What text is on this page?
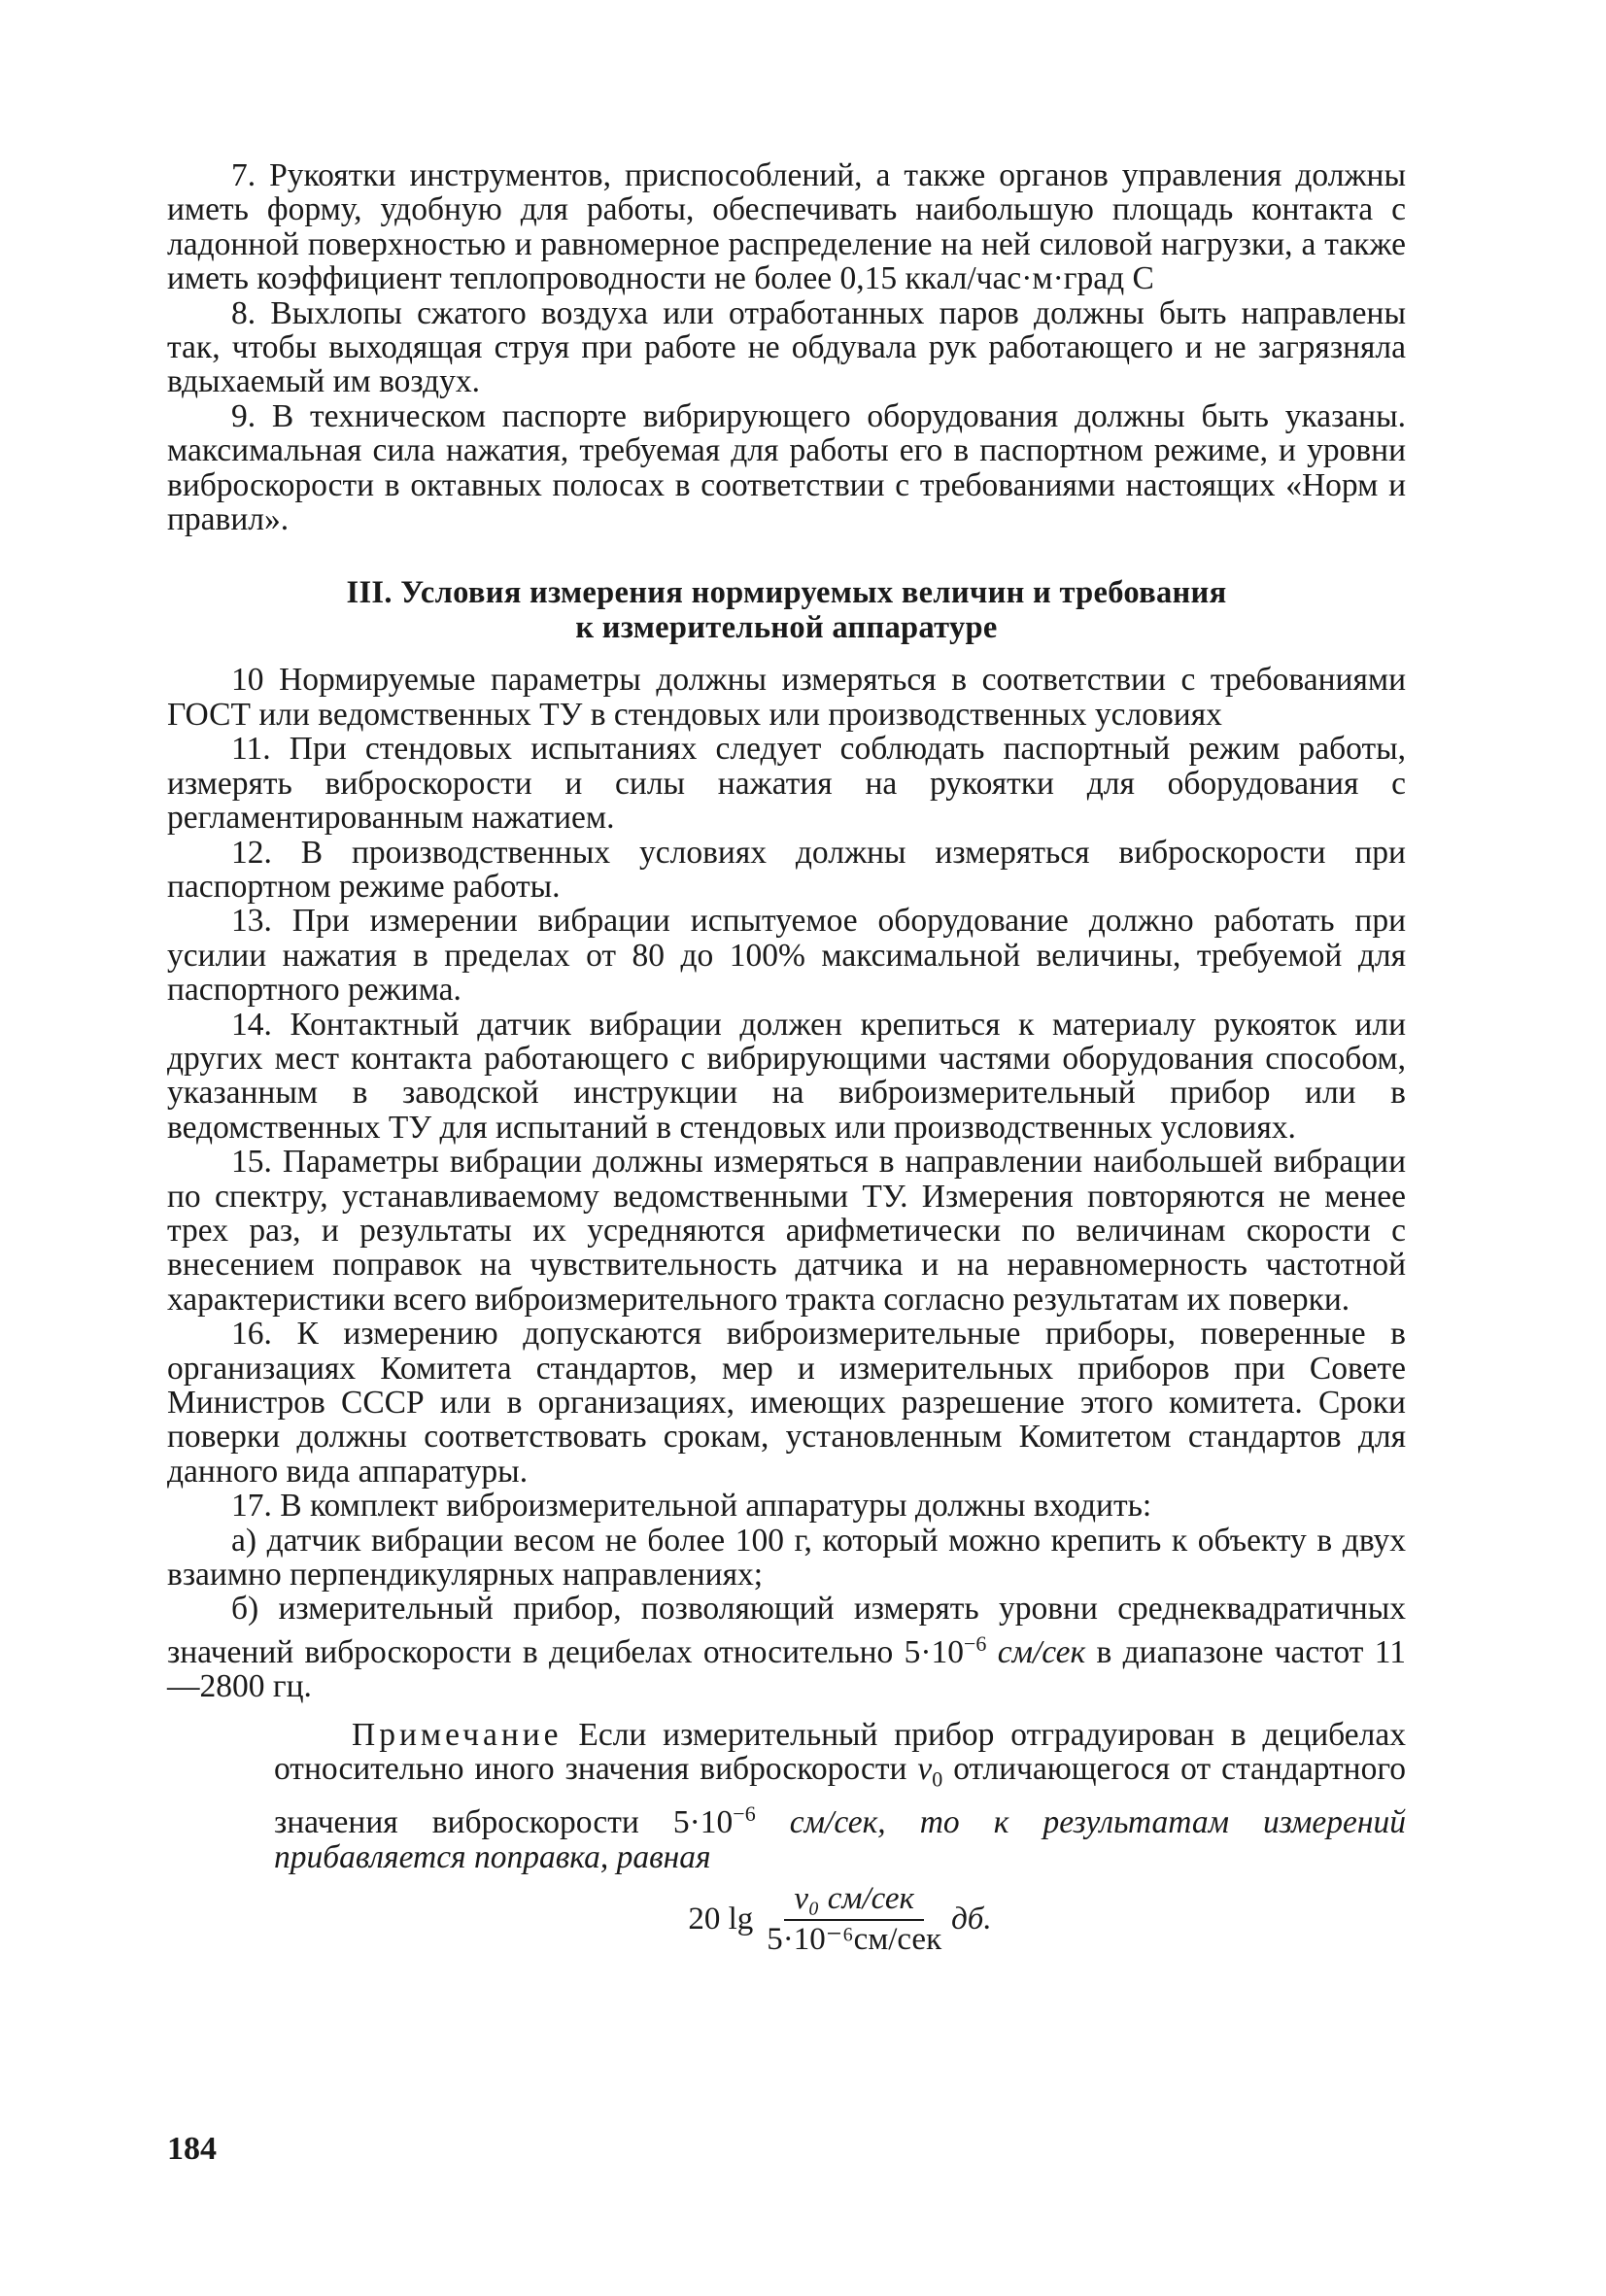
7. Рукоятки инструментов, приспособлений, а также органов управления должны иметь форму, удобную для работы, обеспечивать наибольшую площадь контакта с ладонной поверхностью и равномерное распределение на ней силовой нагрузки, а также иметь коэффициент теплопроводности не более 0,15 ккал/час·м·град С

8. Выхлопы сжатого воздуха или отработанных паров должны быть направлены так, чтобы выходящая струя при работе не обдувала рук работающего и не загрязняла вдыхаемый им воздух.

9. В техническом паспорте вибрирующего оборудования должны быть указаны. максимальная сила нажатия, требуемая для работы его в паспортном режиме, и уровни виброскорости в октавных полосах в соответствии с требованиями настоящих «Норм и правил».

III. Условия измерения нормируемых величин и требования
к измерительной аппаратуре

10 Нормируемые параметры должны измеряться в соответствии с требованиями ГОСТ или ведомственных ТУ в стендовых или производственных условиях

11. При стендовых испытаниях следует соблюдать паспортный режим работы, измерять виброскорости и силы нажатия на рукоятки для оборудования с регламентированным нажатием.

12. В производственных условиях должны измеряться виброскорости при паспортном режиме работы.

13. При измерении вибрации испытуемое оборудование должно работать при усилии нажатия в пределах от 80 до 100% максимальной величины, требуемой для паспортного режима.

14. Контактный датчик вибрации должен крепиться к материалу рукояток или других мест контакта работающего с вибрирующими частями оборудования способом, указанным в заводской инструкции на виброизмерительный прибор или в ведомственных ТУ для испытаний в стендовых или производственных условиях.

15. Параметры вибрации должны измеряться в направлении наибольшей вибрации по спектру, устанавливаемому ведомственными ТУ. Измерения повторяются не менее трех раз, и результаты их усредняются арифметически по величинам скорости с внесением поправок на чувствительность датчика и на неравномерность частотной характеристики всего виброизмерительного тракта согласно результатам их поверки.

16. К измерению допускаются виброизмерительные приборы, поверенные в организациях Комитета стандартов, мер и измерительных приборов при Совете Министров СССР или в организациях, имеющих разрешение этого комитета. Сроки поверки должны соответствовать срокам, установленным Комитетом стандартов для данного вида аппаратуры.

17. В комплект виброизмерительной аппаратуры должны входить:

а) датчик вибрации весом не более 100 г, который можно крепить к объекту в двух взаимно перпендикулярных направлениях;

б) измерительный прибор, позволяющий измерять уровни среднеквадратичных значений виброскорости в децибелах относительно $5\cdot 10^{-6}$ см/сек в диапазоне частот 11—2800 гц.

Примечание Если измерительный прибор отградуирован в децибелах относительно иного значения виброскорости $v_0$ отличающегося от стандартного значения виброскорости $5\cdot 10^{-6}$ см/сек, то к результатам измерений прибавляется поправка, равная

20 $\lg \frac{\text{v₀ см/сек}}{\text{5·10⁻⁶см/сек}}$ дб.
184
